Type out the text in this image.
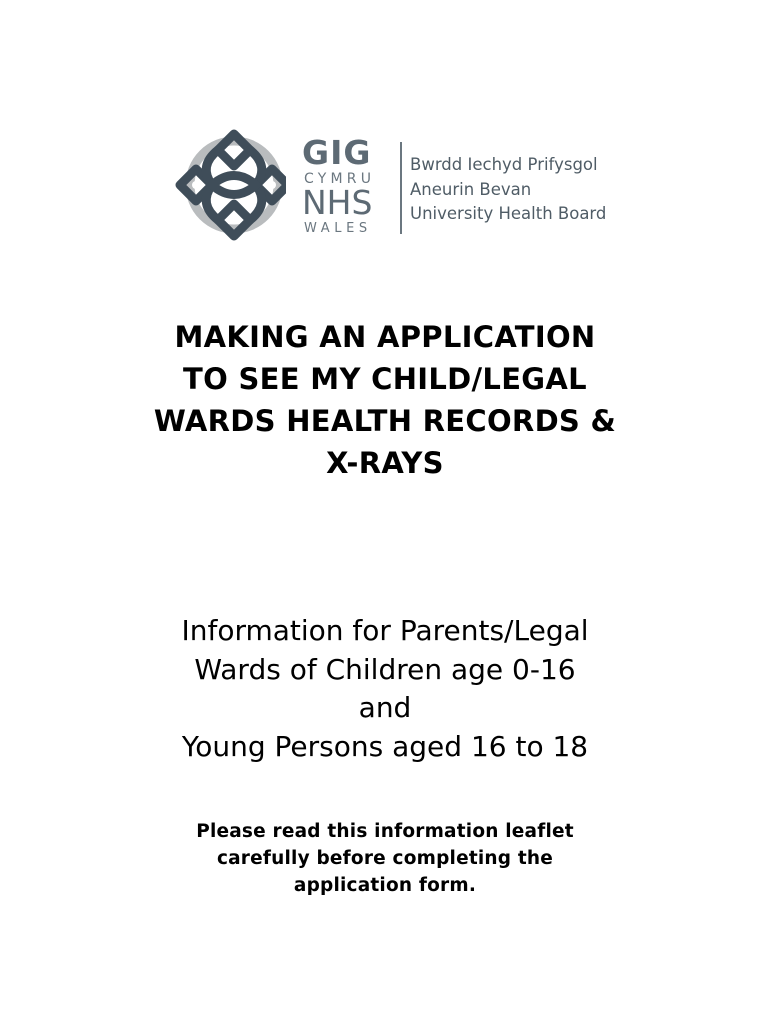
GIG
CYMRU
NHS
WALES
Bwrdd Iechyd Prifysgol
Aneurin Bevan
University Health Board
MAKING AN APPLICATION
TO SEE MY CHILD/LEGAL
WARDS HEALTH RECORDS &
X-RAYS
Information for Parents/Legal
Wards of Children age 0-16
and
Young Persons aged 16 to 18
Please read this information leaflet
carefully before completing the
application form.
